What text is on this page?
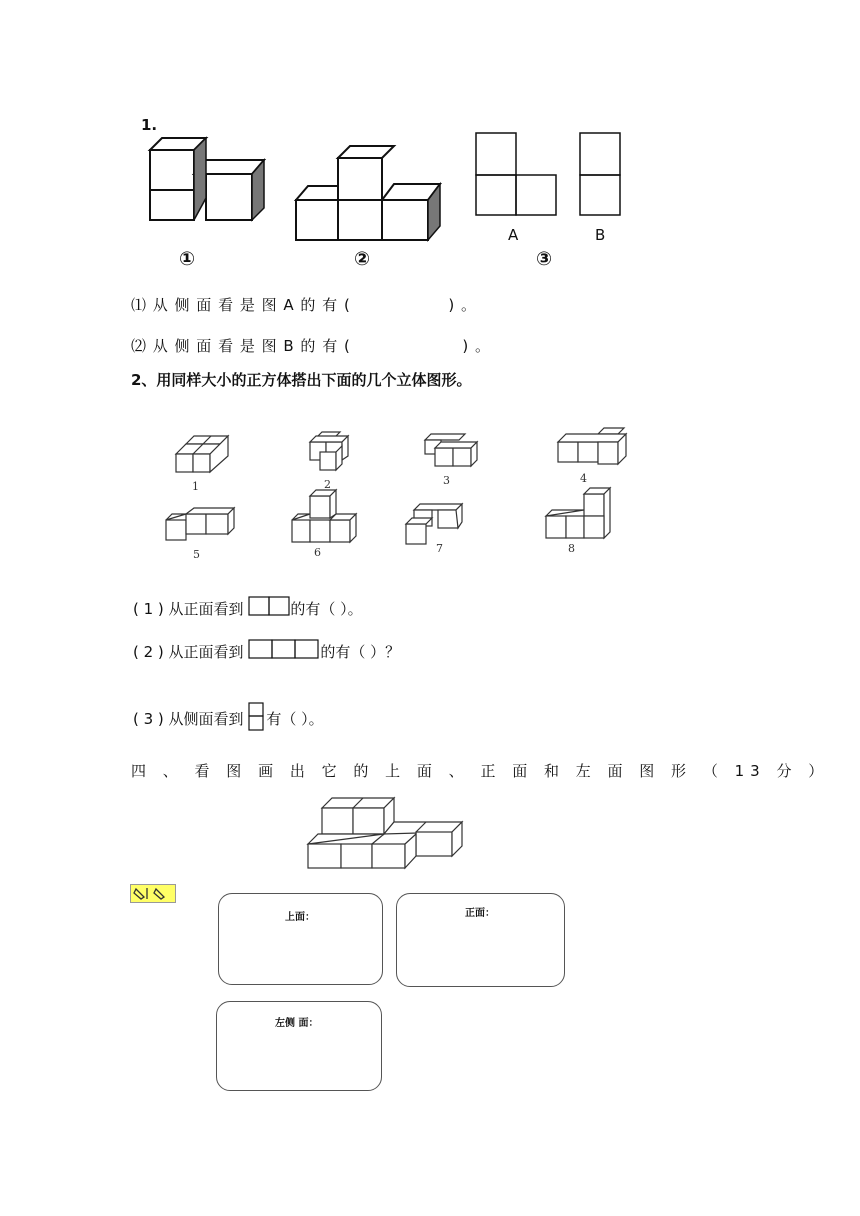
1.
A	B
①	②	③
⑴ 从 侧 面 看 是 图 A 的 有 (	) 。
⑵ 从 侧 面 看 是 图 B 的 有 (	) 。
2、用同样大小的正方体搭出下面的几个立体图形。
1	2	3	4
5	6	7	8
( 1 ) 从正面看到	的有（ ）。
( 2 ) 从正面看到	的有（ ）？
( 3 ) 从侧面看到 有（ ）。
四 、 看 图 画 出 它 的 上 面 、 正 面 和 左 面 图 形 （ 13 分 ）
上面：	正面：
左侧 面：
